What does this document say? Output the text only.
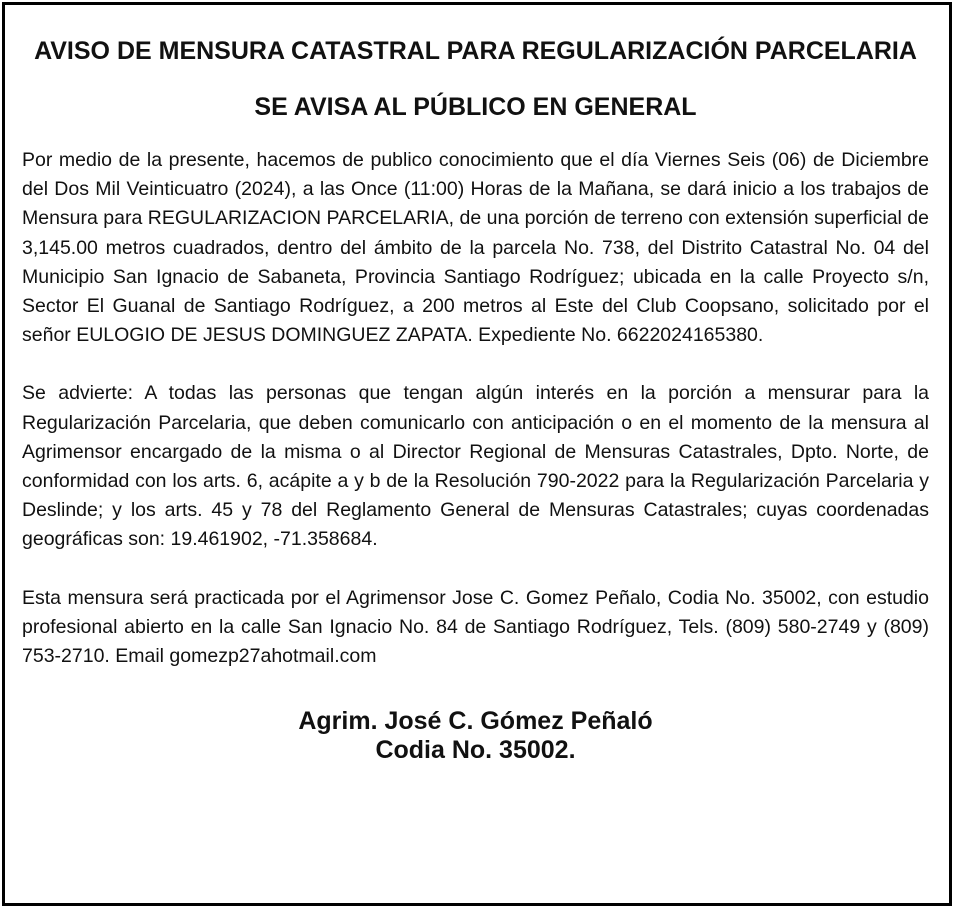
AVISO DE MENSURA CATASTRAL PARA REGULARIZACIÓN PARCELARIA
SE AVISA AL PÚBLICO EN GENERAL

Por medio de la presente, hacemos de publico conocimiento que el día Viernes Seis (06) de Diciembre del Dos Mil Veinticuatro (2024), a las Once (11:00) Horas de la Mañana, se dará inicio a los trabajos de Mensura para REGULARIZACION PARCELARIA, de una porción de terreno con extensión superficial de 3,145.00 metros cuadrados, dentro del ámbito de la parcela No. 738, del Distrito Catastral No. 04 del Municipio San Ignacio de Sabaneta, Provincia Santiago Rodríguez; ubicada en la calle Proyecto s/n, Sector El Guanal de Santiago Rodríguez, a 200 metros al Este del Club Coopsano, solicitado por el señor EULOGIO DE JESUS DOMINGUEZ ZAPATA. Expediente No. 6622024165380.

Se advierte: A todas las personas que tengan algún interés en la porción a mensurar para la Regularización Parcelaria, que deben comunicarlo con anticipación o en el momento de la mensura al Agrimensor encargado de la misma o al Director Regional de Mensuras Catastrales, Dpto. Norte, de conformidad con los arts. 6, acápite a y b de la Resolución 790-2022 para la Regularización Parcelaria y Deslinde; y los arts. 45 y 78 del Reglamento General de Mensuras Catastrales; cuyas coordenadas geográficas son: 19.461902, -71.358684.

Esta mensura será practicada por el Agrimensor Jose C. Gomez Peñalo, Codia No. 35002, con estudio profesional abierto en la calle San Ignacio No. 84 de Santiago Rodríguez, Tels. (809) 580-2749 y (809) 753-2710. Email gomezp27ahotmail.com

Agrim. José C. Gómez Peñaló
Codia No. 35002.
